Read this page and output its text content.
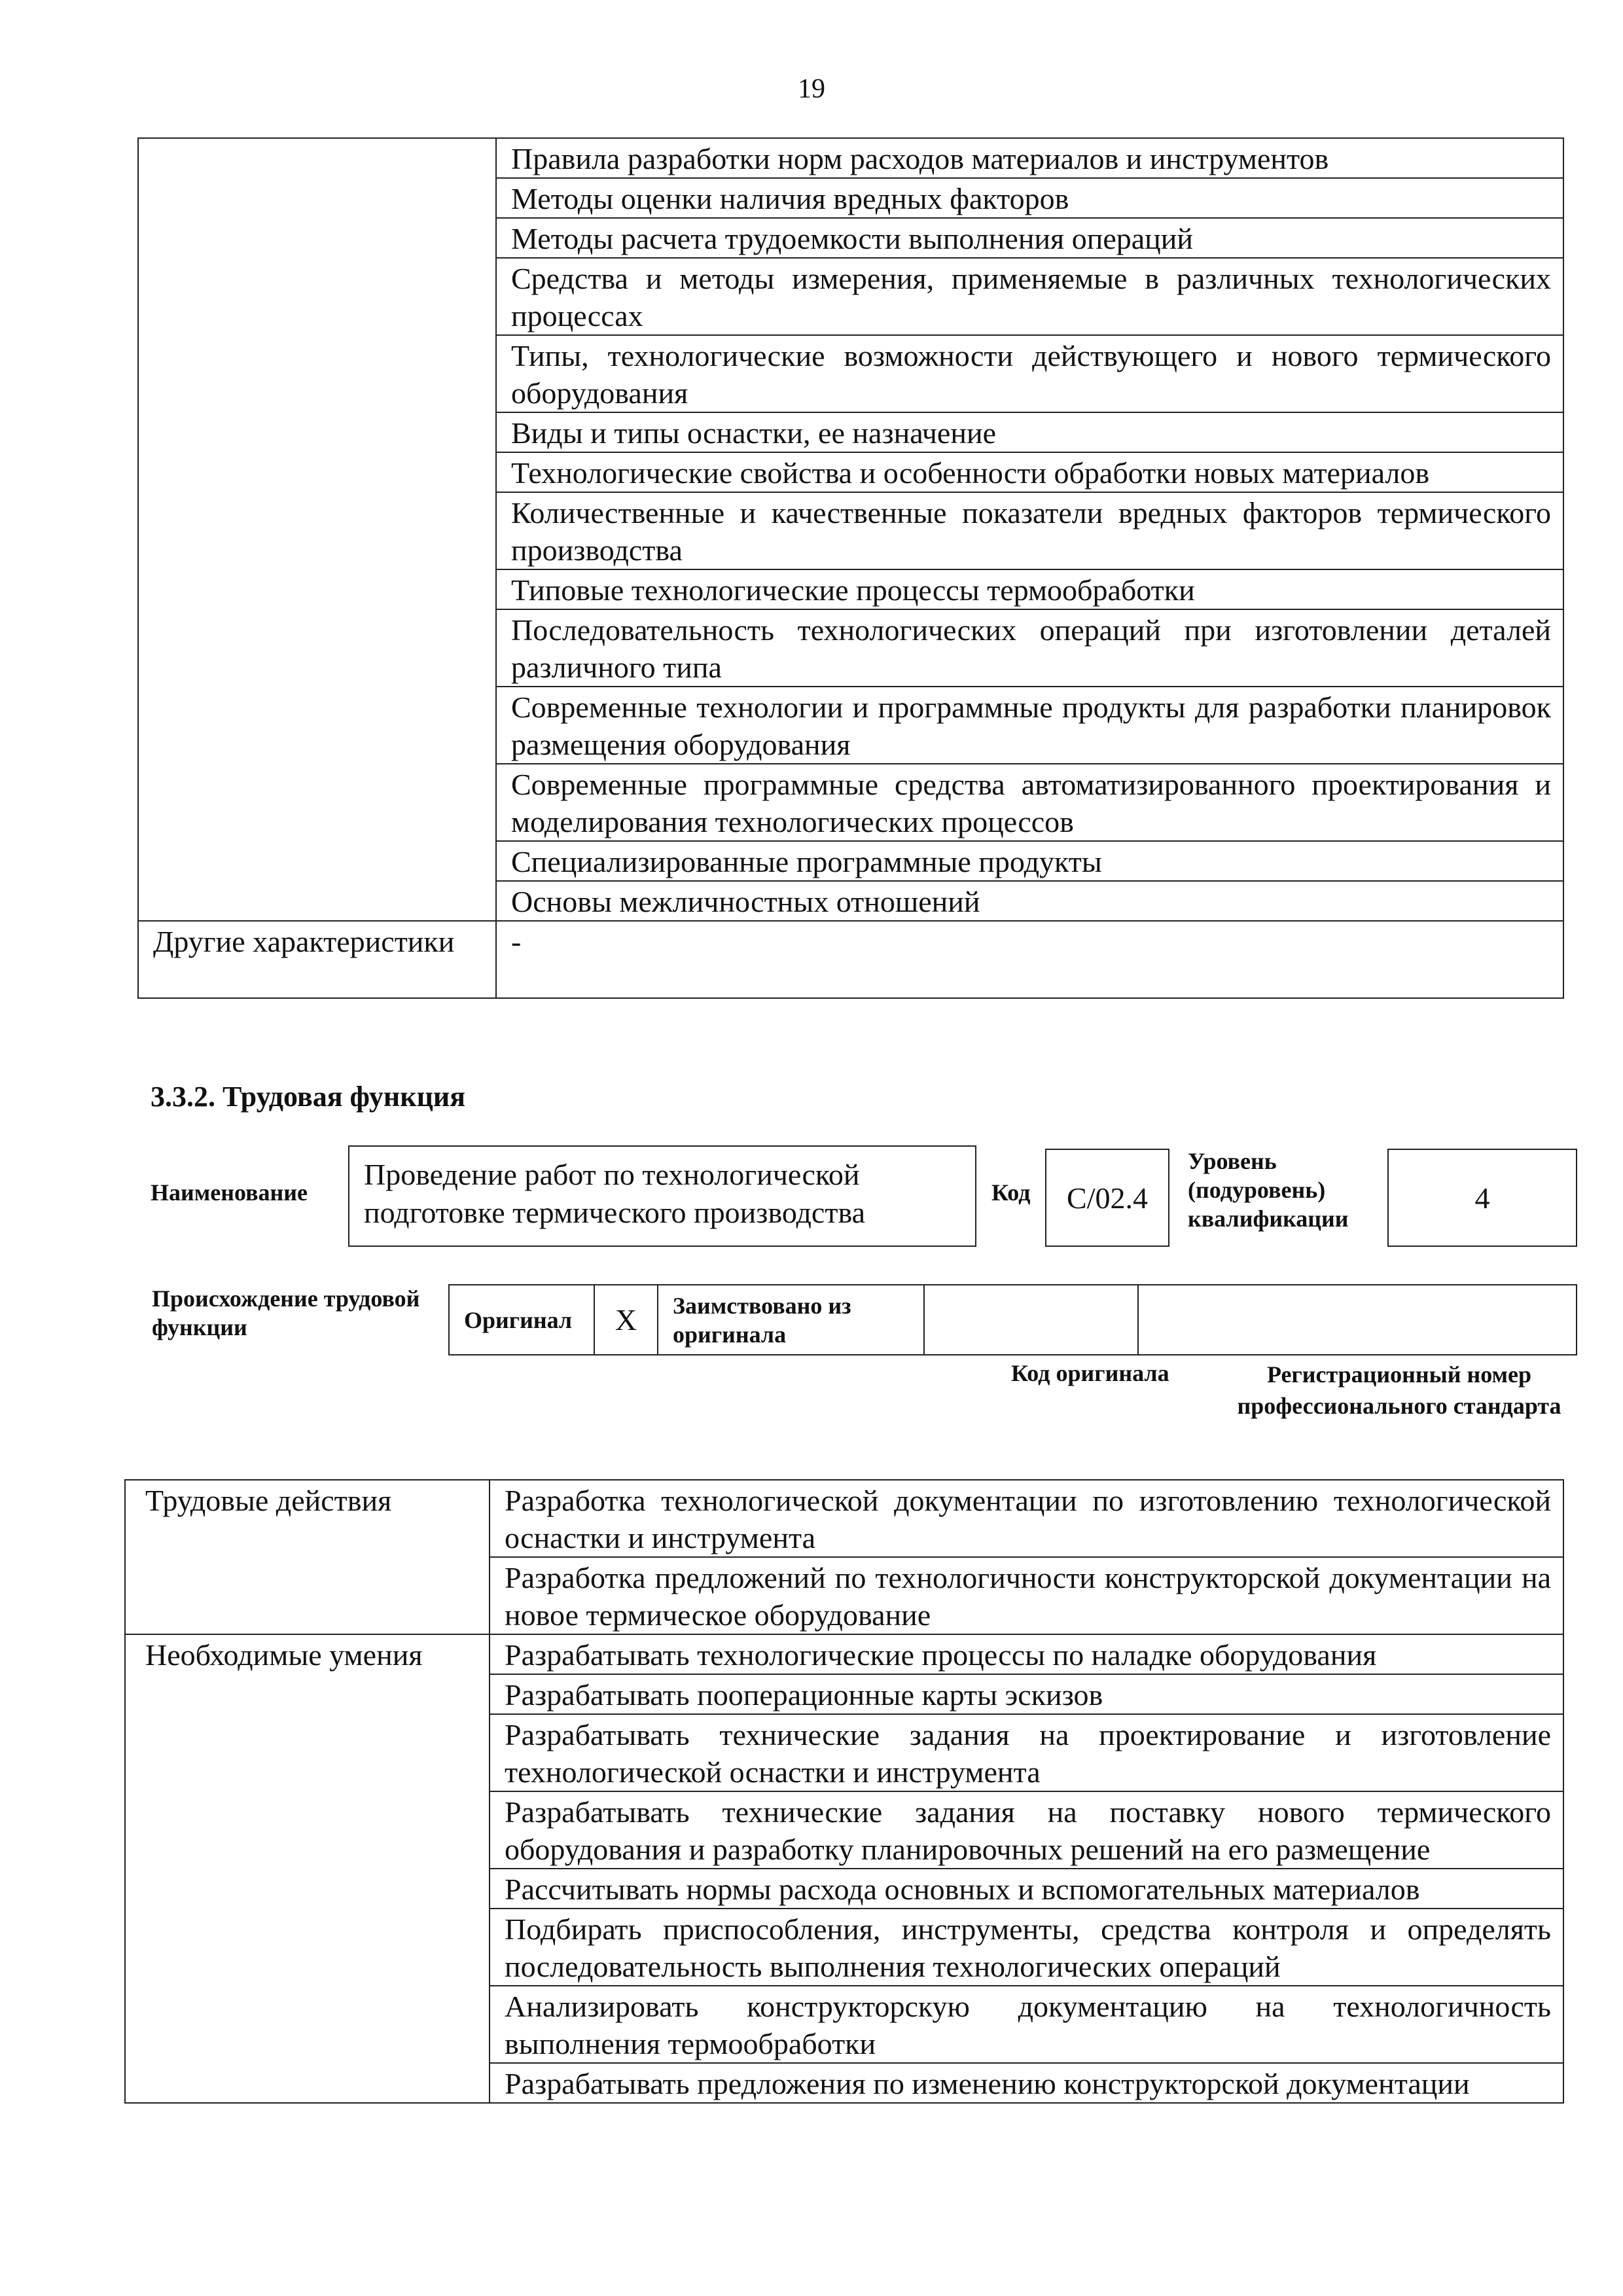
19

	Правила разработки норм расходов материалов и инструментов

	Методы оценки наличия вредных факторов

	Методы расчета трудоемкости выполнения операций

	Средства и методы измерения, применяемые в различных технологических процессах

	Типы, технологические возможности действующего и нового термического оборудования

	Виды и типы оснастки, ее назначение

	Технологические свойства и особенности обработки новых материалов

	Количественные и качественные показатели вредных факторов термического производства

	Типовые технологические процессы термообработки

	Последовательность технологических операций при изготовлении деталей различного типа

	Современные технологии и программные продукты для разработки планировок размещения оборудования

	Современные программные средства автоматизированного проектирования и моделирования технологических процессов

	Специализированные программные продукты

	Основы межличностных отношений

Другие характеристики	-
3.3.2. Трудовая функция
Наименование
Проведение работ по технологической подготовке термического производства
Код	C/02.4
Уровень (подуровень) квалификации
4
Происхождение трудовой функции	Оригинал	X	Заимствовано из оригинала

Код оригинала	Регистрационный номер профессионального стандарта
Трудовые действия	Разработка технологической документации по изготовлению технологической оснастки и инструмента

	Разработка предложений по технологичности конструкторской документации на новое термическое оборудование

Необходимые умения	Разрабатывать технологические процессы по наладке оборудования

	Разрабатывать пооперационные карты эскизов

	Разрабатывать технические задания на проектирование и изготовление технологической оснастки и инструмента

	Разрабатывать технические задания на поставку нового термического оборудования и разработку планировочных решений на его размещение

	Рассчитывать нормы расхода основных и вспомогательных материалов

	Подбирать приспособления, инструменты, средства контроля и определять последовательность выполнения технологических операций

	Анализировать конструкторскую документацию на технологичность выполнения термообработки

	Разрабатывать предложения по изменению конструкторской документации
